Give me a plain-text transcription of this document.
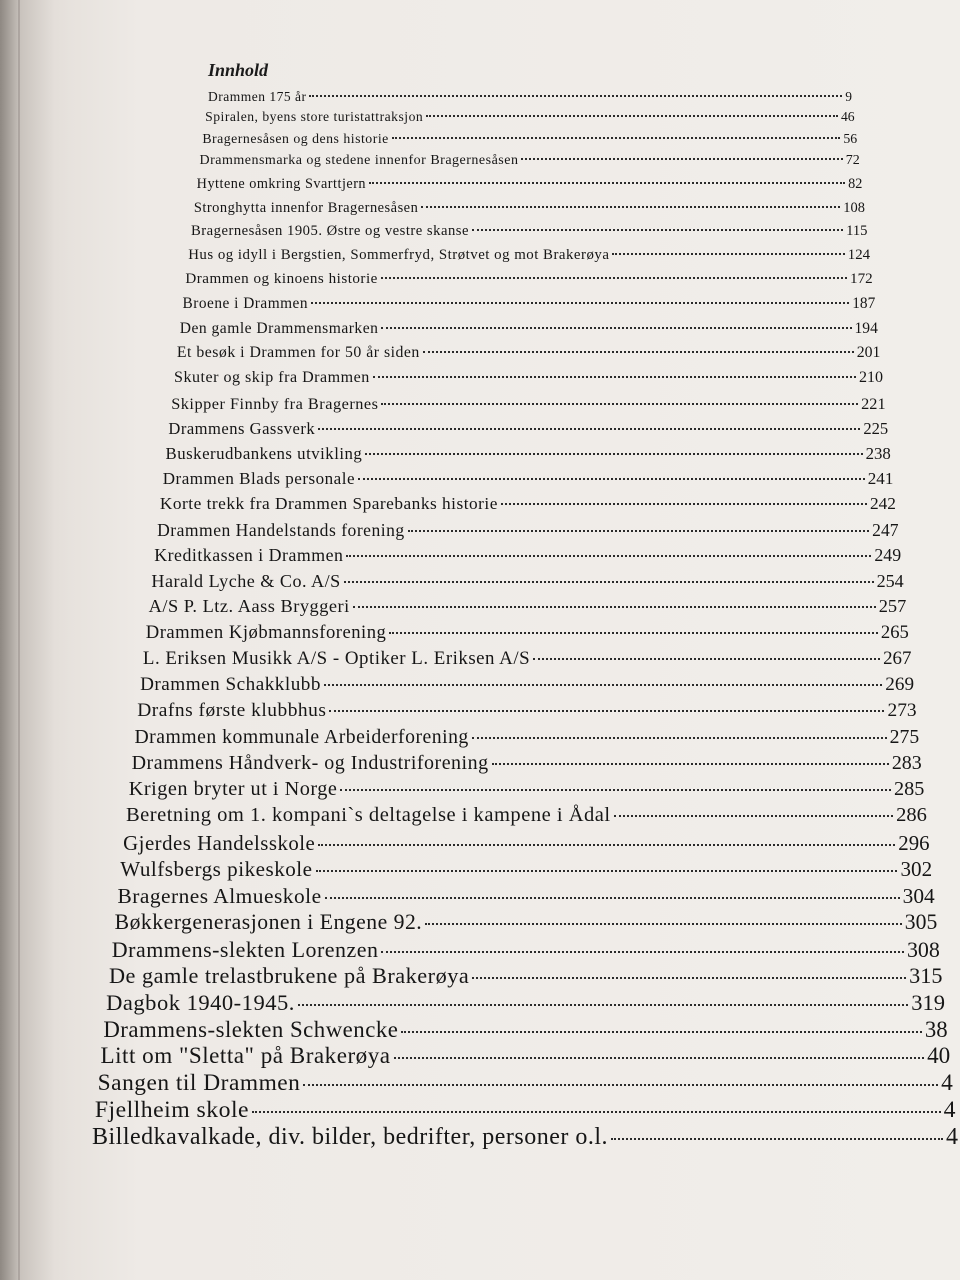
Innhold
Drammen 175 år	9
Spiralen, byens store turistattraksjon	46
Bragernesåsen og dens historie	56
Drammensmarka og stedene innenfor Bragernesåsen	72
Hyttene omkring Svarttjern	82
Stronghytta innenfor Bragernesåsen	108
Bragernesåsen 1905. Østre og vestre skanse	115
Hus og idyll i Bergstien, Sommerfryd, Strøtvet og mot Brakerøya	124
Drammen og kinoens historie	172
Broene i Drammen	187
Den gamle Drammensmarken	194
Et besøk i Drammen for 50 år siden	201
Skuter og skip fra Drammen	210
Skipper Finnby fra Bragernes	221
Drammens Gassverk	225
Buskerudbankens utvikling	238
Drammen Blads personale	241
Korte trekk fra Drammen Sparebanks historie	242
Drammen Handelstands forening	247
Kreditkassen i Drammen	249
Harald Lyche & Co. A/S	254
A/S P. Ltz. Aass Bryggeri	257
Drammen Kjøbmannsforening	265
L. Eriksen Musikk A/S - Optiker L. Eriksen A/S	267
Drammen Schakklubb	269
Drafns første klubbhus	273
Drammen kommunale Arbeiderforening	275
Drammens Håndverk- og Industriforening	283
Krigen bryter ut i Norge	285
Beretning om 1. kompani`s deltagelse i kampene i Ådal	286
Gjerdes Handelsskole	296
Wulfsbergs pikeskole	302
Bragernes Almueskole	304
Bøkkergenerasjonen i Engene 92.	305
Drammens-slekten Lorenzen	308
De gamle trelastbrukene på Brakerøya	315
Dagbok 1940-1945.	319
Drammens-slekten Schwencke	38
Litt om "Sletta" på Brakerøya	40
Sangen til Drammen	4
Fjellheim skole	4
Billedkavalkade, div. bilder, bedrifter, personer o.l.	4
